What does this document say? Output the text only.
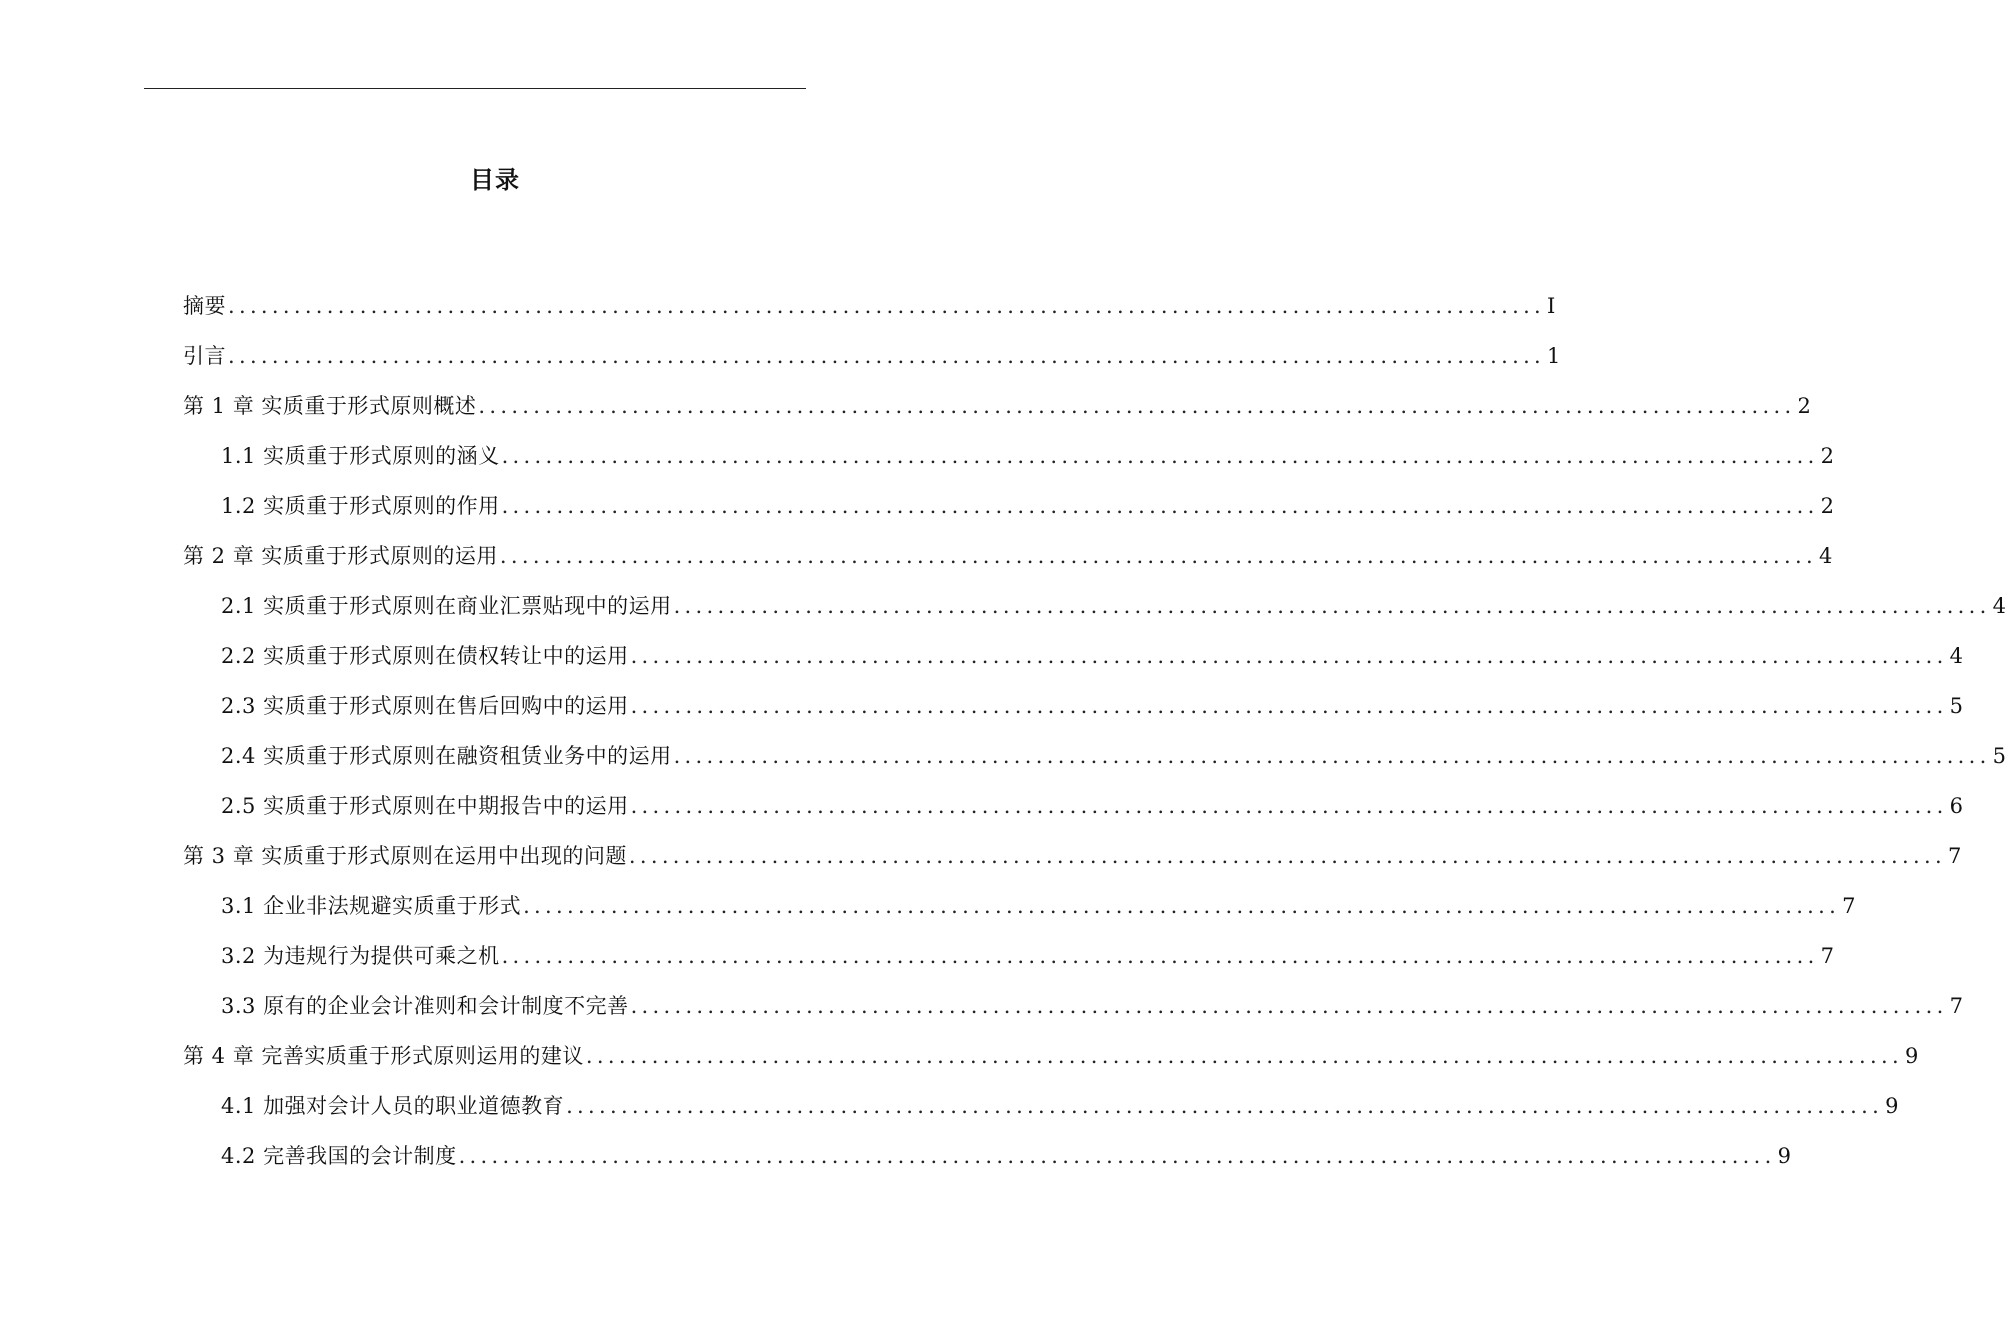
目录
摘要 ........................................................................................................................ I
引言 ........................................................................................................................ 1
第 1 章 实质重于形式原则概述 ........................................................................................................................ 2
1.1 实质重于形式原则的涵义 ........................................................................................................................ 2
1.2 实质重于形式原则的作用 ........................................................................................................................ 2
第 2 章 实质重于形式原则的运用 ........................................................................................................................ 4
2.1 实质重于形式原则在商业汇票贴现中的运用 ........................................................................................................................ 4
2.2 实质重于形式原则在债权转让中的运用 ........................................................................................................................ 4
2.3 实质重于形式原则在售后回购中的运用 ........................................................................................................................ 5
2.4 实质重于形式原则在融资租赁业务中的运用 ........................................................................................................................ 5
2.5 实质重于形式原则在中期报告中的运用 ........................................................................................................................ 6
第 3 章 实质重于形式原则在运用中出现的问题 ........................................................................................................................ 7
3.1 企业非法规避实质重于形式 ........................................................................................................................ 7
3.2 为违规行为提供可乘之机 ........................................................................................................................ 7
3.3 原有的企业会计准则和会计制度不完善 ........................................................................................................................ 7
第 4 章 完善实质重于形式原则运用的建议 ........................................................................................................................ 9
4.1 加强对会计人员的职业道德教育 ........................................................................................................................ 9
4.2 完善我国的会计制度 ........................................................................................................................ 9
